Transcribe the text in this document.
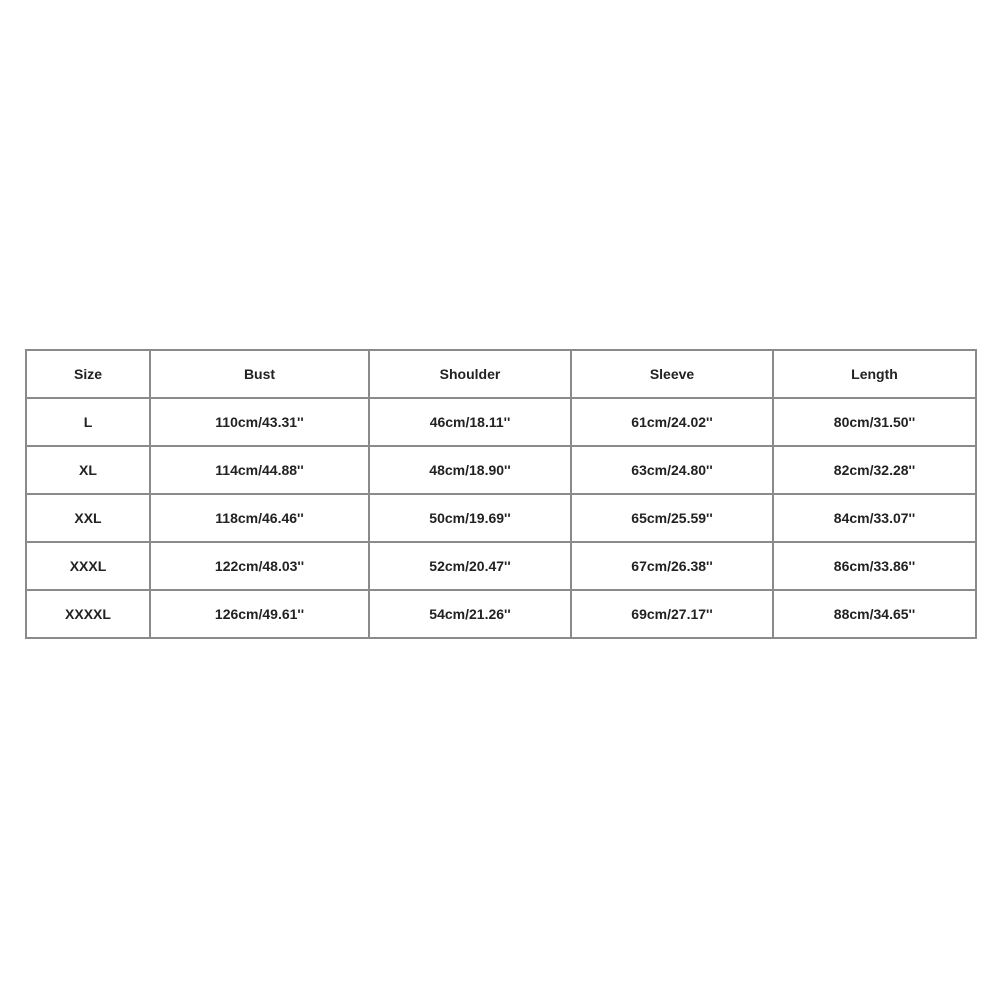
Size	Bust	Shoulder	Sleeve	Length
L	110cm/43.31''	46cm/18.11''	61cm/24.02''	80cm/31.50''
XL	114cm/44.88''	48cm/18.90''	63cm/24.80''	82cm/32.28''
XXL	118cm/46.46''	50cm/19.69''	65cm/25.59''	84cm/33.07''
XXXL	122cm/48.03''	52cm/20.47''	67cm/26.38''	86cm/33.86''
XXXXL	126cm/49.61''	54cm/21.26''	69cm/27.17''	88cm/34.65''
